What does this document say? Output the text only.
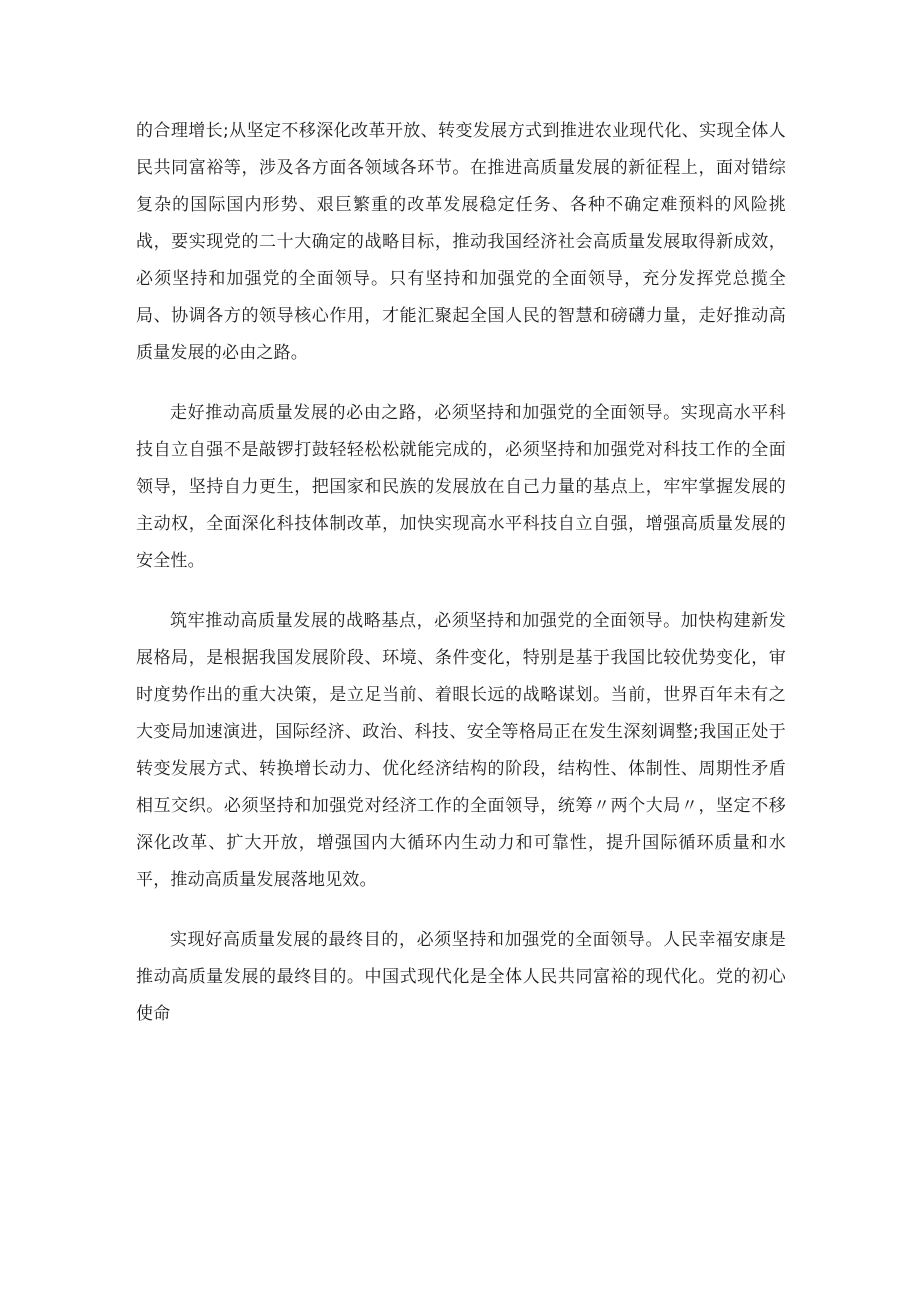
的合理增长;从坚定不移深化改革开放、转变发展方式到推进农业现代化、实现全体人民共同富裕等，涉及各方面各领域各环节。在推进高质量发展的新征程上，面对错综复杂的国际国内形势、艰巨繁重的改革发展稳定任务、各种不确定难预料的风险挑战，要实现党的二十大确定的战略目标，推动我国经济社会高质量发展取得新成效，必须坚持和加强党的全面领导。只有坚持和加强党的全面领导，充分发挥党总揽全局、协调各方的领导核心作用，才能汇聚起全国人民的智慧和磅礴力量，走好推动高质量发展的必由之路。

走好推动高质量发展的必由之路，必须坚持和加强党的全面领导。实现高水平科技自立自强不是敲锣打鼓轻轻松松就能完成的，必须坚持和加强党对科技工作的全面领导，坚持自力更生，把国家和民族的发展放在自己力量的基点上，牢牢掌握发展的主动权，全面深化科技体制改革，加快实现高水平科技自立自强，增强高质量发展的安全性。

筑牢推动高质量发展的战略基点，必须坚持和加强党的全面领导。加快构建新发展格局，是根据我国发展阶段、环境、条件变化，特别是基于我国比较优势变化，审时度势作出的重大决策，是立足当前、着眼长远的战略谋划。当前，世界百年未有之大变局加速演进，国际经济、政治、科技、安全等格局正在发生深刻调整;我国正处于转变发展方式、转换增长动力、优化经济结构的阶段，结构性、体制性、周期性矛盾相互交织。必须坚持和加强党对经济工作的全面领导，统筹〃两个大局〃，坚定不移深化改革、扩大开放，增强国内大循环内生动力和可靠性，提升国际循环质量和水平，推动高质量发展落地见效。

实现好高质量发展的最终目的，必须坚持和加强党的全面领导。人民幸福安康是推动高质量发展的最终目的。中国式现代化是全体人民共同富裕的现代化。党的初心使命
